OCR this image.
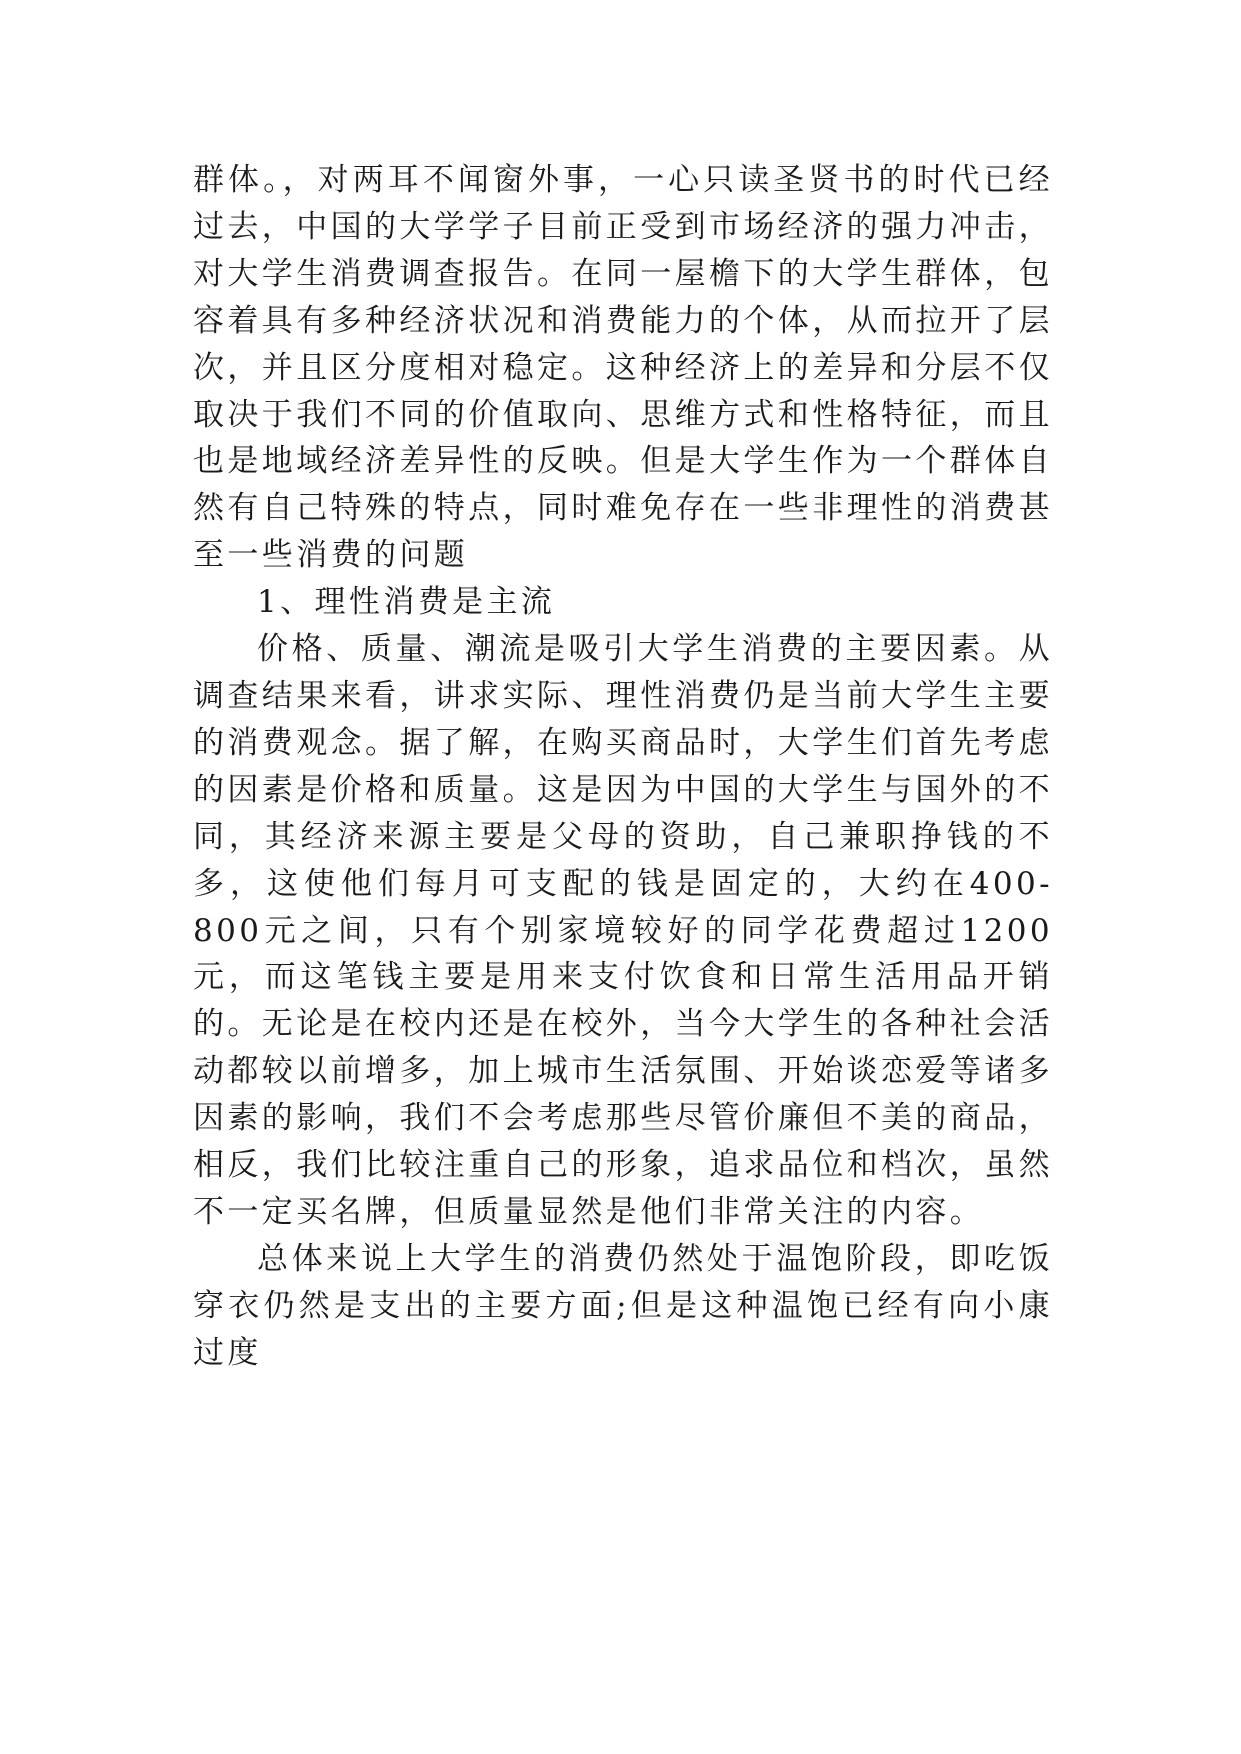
群体。，对两耳不闻窗外事，一心只读圣贤书的时代已经过去，中国的大学学子目前正受到市场经济的强力冲击，对大学生消费调查报告。在同一屋檐下的大学生群体，包容着具有多种经济状况和消费能力的个体，从而拉开了层次，并且区分度相对稳定。这种经济上的差异和分层不仅取决于我们不同的价值取向、思维方式和性格特征，而且也是地域经济差异性的反映。但是大学生作为一个群体自然有自己特殊的特点，同时难免存在一些非理性的消费甚至一些消费的问题

1、理性消费是主流

价格、质量、潮流是吸引大学生消费的主要因素。从调查结果来看，讲求实际、理性消费仍是当前大学生主要的消费观念。据了解，在购买商品时，大学生们首先考虑的因素是价格和质量。这是因为中国的大学生与国外的不同，其经济来源主要是父母的资助，自己兼职挣钱的不多，这使他们每月可支配的钱是固定的，大约在400-800元之间，只有个别家境较好的同学花费超过1200元，而这笔钱主要是用来支付饮食和日常生活用品开销的。无论是在校内还是在校外，当今大学生的各种社会活动都较以前增多，加上城市生活氛围、开始谈恋爱等诸多因素的影响，我们不会考虑那些尽管价廉但不美的商品，相反，我们比较注重自己的形象，追求品位和档次，虽然不一定买名牌，但质量显然是他们非常关注的内容。

总体来说上大学生的消费仍然处于温饱阶段，即吃饭穿衣仍然是支出的主要方面;但是这种温饱已经有向小康过度
